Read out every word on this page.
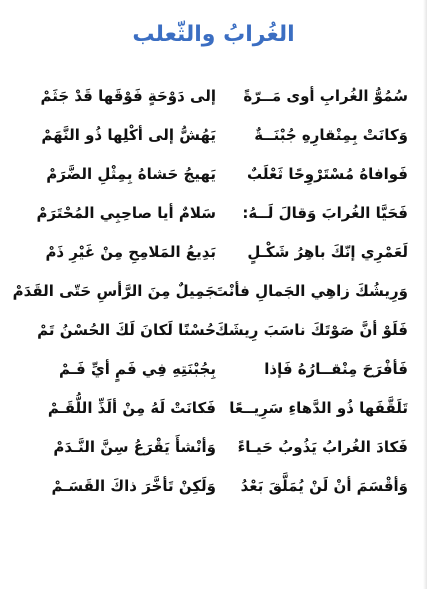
الغُرابُ والثّعلب
سُمُوُّ الغُرابِ أوى مَــرّةً
إلى دَوْحَةٍ فَوْقَها قَدْ جَثَمْ
وَكانَتْ بِمِنْقارِهِ جُبْنَــةٌ
يَهُشُّ إلى أكْلِها ذُو النَّهَمْ
فَوافاهُ مُسْتَرْوِحًا ثَعْلَبٌ
يَهيجُ حَشاهُ بِمِثْلِ الضَّرَمْ
فَحَيَّا الغُرابَ وَقالَ لَــهُ:
سَلامٌ أيا صاحِبِي المُحْتَرَمْ
لَعَمْرِي إنّكَ باهِرُ شَكْـلٍ
بَدِيعُ المَلامِحِ مِنْ غَيْرِ ذَمْ
وَرِيشُكَ زاهِي الجَمالِ فأنْتَ
جَمِيلٌ مِنَ الرَّأسِ حَتّى القَدَمْ
فَلَوْ أنَّ صَوْتَكَ ناسَبَ رِيشَكَ
حُسْنًا لَكانَ لَكَ الحُسْنُ تَمْ
فَأفْرَحَ مِنْقــارُهُ فَإذا
بِجُبْنَتِهِ فِي فَمٍ أيِّ فَـمْ
تَلَقَّفَها ذُو الدَّهاءِ سَرِيــعًا
فَكانَتْ لَهُ مِنْ ألَذِّ اللُّقَـمْ
فَكادَ الغُرابُ يَذُوبُ حَيـاءً
وَأنْشأَ يَقْرَعُ سِنَّ النَّـدَمْ
وَأقْسَمَ أنْ لَنْ يُمَلَّقَ بَعْدُ
وَلَكِنْ تَأخَّرَ ذاكَ القَسَـمْ
